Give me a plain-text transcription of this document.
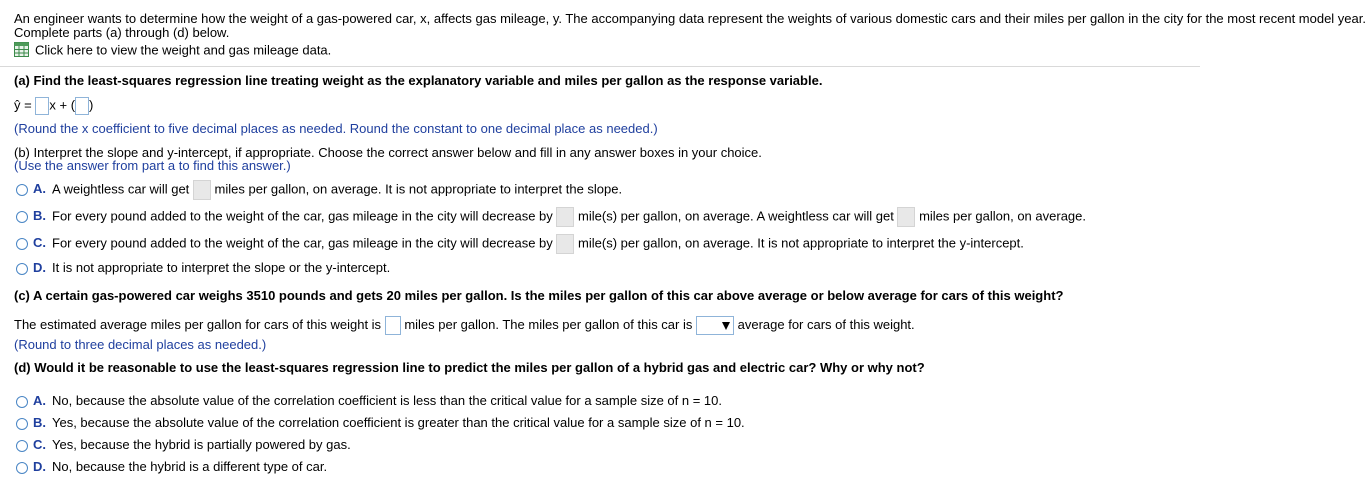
An engineer wants to determine how the weight of a gas-powered car, x, affects gas mileage, y. The accompanying data represent the weights of various domestic cars and their miles per gallon in the city for the most recent model year.
Complete parts (a) through (d) below.
Click here to view the weight and gas mileage data.
(a) Find the least-squares regression line treating weight as the explanatory variable and miles per gallon as the response variable.
ŷ = x + ( )
(Round the x coefficient to five decimal places as needed. Round the constant to one decimal place as needed.)
(b) Interpret the slope and y-intercept, if appropriate. Choose the correct answer below and fill in any answer boxes in your choice.
(Use the answer from part a to find this answer.)
A. A weightless car will get miles per gallon, on average. It is not appropriate to interpret the slope.
B. For every pound added to the weight of the car, gas mileage in the city will decrease by mile(s) per gallon, on average. A weightless car will get miles per gallon, on average.
C. For every pound added to the weight of the car, gas mileage in the city will decrease by mile(s) per gallon, on average. It is not appropriate to interpret the y-intercept.
D. It is not appropriate to interpret the slope or the y-intercept.
(c) A certain gas-powered car weighs 3510 pounds and gets 20 miles per gallon. Is the miles per gallon of this car above average or below average for cars of this weight?
The estimated average miles per gallon for cars of this weight is miles per gallon. The miles per gallon of this car is	average for cars of this weight.
(Round to three decimal places as needed.)
(d) Would it be reasonable to use the least-squares regression line to predict the miles per gallon of a hybrid gas and electric car? Why or why not?
A. No, because the absolute value of the correlation coefficient is less than the critical value for a sample size of n = 10.
B. Yes, because the absolute value of the correlation coefficient is greater than the critical value for a sample size of n = 10.
C. Yes, because the hybrid is partially powered by gas.
D. No, because the hybrid is a different type of car.
